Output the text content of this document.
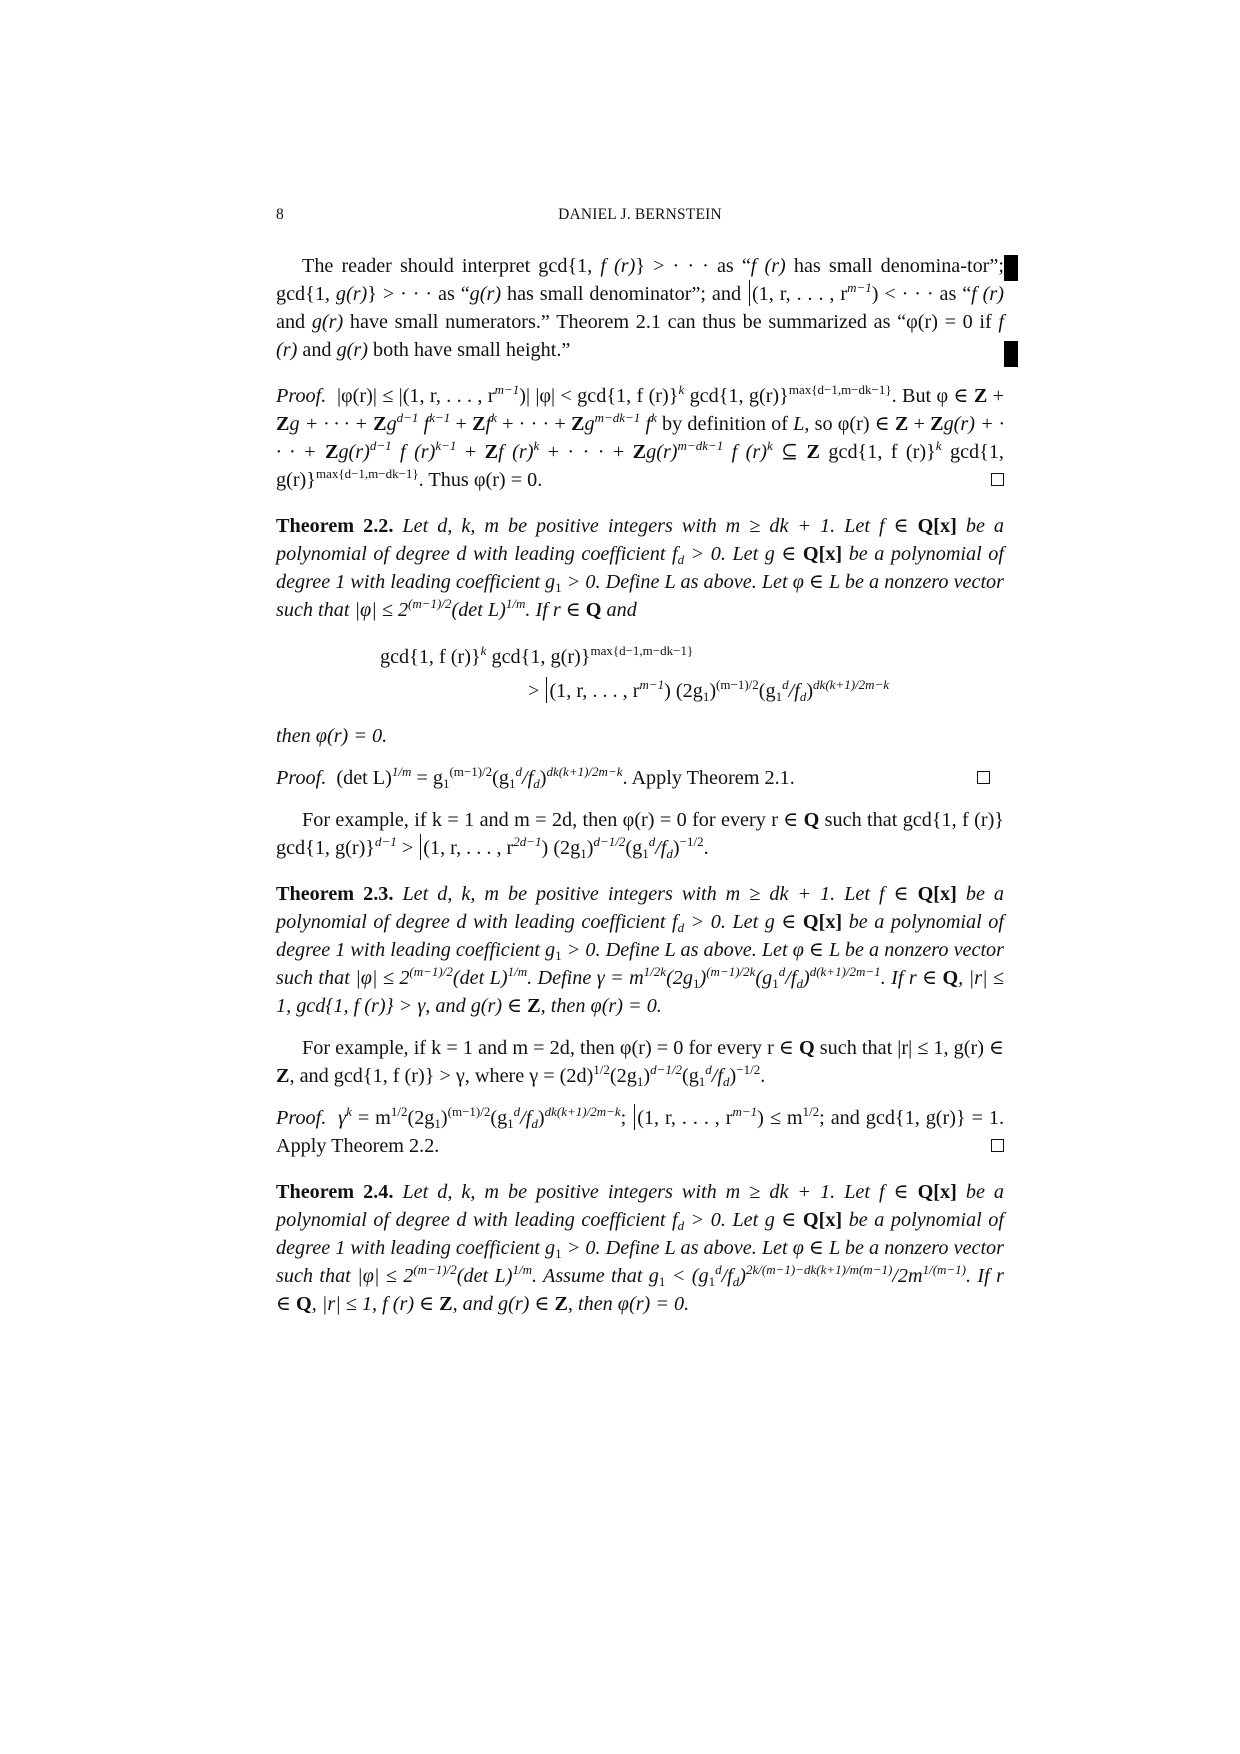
8	DANIEL J. BERNSTEIN

The reader should interpret gcd{1, f (r)} > · · · as “f (r) has small denomina-tor”; gcd{1, g(r)} > · · · as “g(r) has small denominator”; and (1, r, . . . , $r^{m-1}$) < · · · as “f (r) and g(r) have small numerators.” Theorem 2.1 can thus be summarized as “φ(r) = 0 if f (r) and g(r) both have small height.”

Proof. |φ(r)| ≤ |(1, r, . . . , $r^{m-1})|$ |φ| < gcd{1, f (r)}$^k$ gcd{1, g(r)}$^{max\{d-1,m-dk-1\}}$. But φ ∈ Z + Zg + · · · + $Zg^{d-1}$ $f^{k-1} + Zf^k$ + · · · + $Zg^{m-dk-1}$ $f^k$ by definition of L, so φ(r) ∈ Z + Zg(r) + · · · + $Zg(r)^{d-1}$ f $(r)^{k-1} + Zf$ $(r)^k$ + · · · + $Zg(r)^{m-dk-1}$ f $(r)^k$ ⊆ Z gcd{1, f (r)}$^k$ gcd{1, g(r)}$^{max\{d-1,m-dk-1\}}$. Thus φ(r) = 0.

Theorem 2.2. Let d, k, m be positive integers with m ≥ dk + 1. Let f ∈ Q[x] be a polynomial of degree d with leading coefficient $f_d > 0$. Let g ∈ Q[x] be a polynomial of degree 1 with leading coefficient $g_1 > 0$. Define L as above. Let φ ∈ L be a nonzero vector such that $|\varphi| \le 2^{(m-1)/2}(\det$ L)$^{1/m}$. If r ∈ Q and

gcd{1, f (r)}$^k$ gcd{1, g(r)}$^{max\{d-1,m-dk-1\}}$
> (1, r, . . . , $r^{m-1}$) $(2g_1)^{(m-1)/2}(g_1^d/f_d)^{dk(k+1)/2m-k}$

then φ(r) = 0.

Proof. (det $L)^{1/m} = g_1^{(m-1)/2}(g_1^d/f_d)^{dk(k+1)/2m-k}$. Apply Theorem 2.1.

For example, if k = 1 and m = 2d, then φ(r) = 0 for every r ∈ Q such that gcd{1, f (r)} gcd{1, g(r)}$^{d-1}$ > (1, r, . . . , $r^{2d-1}$) $(2g_1)^{d-1/2}(g_1^d/f_d)^{-1/2}$.

Theorem 2.3. Let d, k, m be positive integers with m ≥ dk + 1. Let f ∈ Q[x] be a polynomial of degree d with leading coefficient $f_d > 0$. Let g ∈ Q[x] be a polynomial of degree 1 with leading coefficient $g_1 > 0$. Define L as above. Let φ ∈ L be a nonzero vector such that $|\varphi| \le 2^{(m-1)/2}(\det$ L)$^{1/m}$. Define $\gamma = m^{1/2k}(2g_1)^{(m-1)/2k}(g_1^d/f_d)^{d(k+1)/2m-1}$. If r ∈ Q, |r| ≤ 1, gcd{1, f (r)} > γ, and g(r) ∈ Z, then φ(r) = 0.

For example, if k = 1 and m = 2d, then φ(r) = 0 for every r ∈ Q such that |r| ≤ 1, g(r) ∈ Z, and gcd{1, f (r)} > γ, where $\gamma = (2d)^{1/2}(2g_1)^{d-1/2}(g_1^d/f_d)^{-1/2}$.

Proof. $\gamma^k = m^{1/2}(2g_1)^{(m-1)/2}(g_1^d/f_d)^{dk(k+1)/2m-k}$; (1, r, . . . , $r^{m-1}) \le m^{1/2}$; and gcd{1, g(r)} = 1. Apply Theorem 2.2.

Theorem 2.4. Let d, k, m be positive integers with m ≥ dk + 1. Let f ∈ Q[x] be a polynomial of degree d with leading coefficient $f_d > 0$. Let g ∈ Q[x] be a polynomial of degree 1 with leading coefficient $g_1 > 0$. Define L as above. Let φ ∈ L be a nonzero vector such that $|\varphi| \le 2^{(m-1)/2}(\det$ L)$^{1/m}$. Assume that $g_1 < (g_1^d/f_d)^{2k/(m-1)-dk(k+1)/m(m-1)}/2m^{1/(m-1)}$. If r ∈ Q, |r| ≤ 1, f (r) ∈ Z, and g(r) ∈ Z, then φ(r) = 0.
